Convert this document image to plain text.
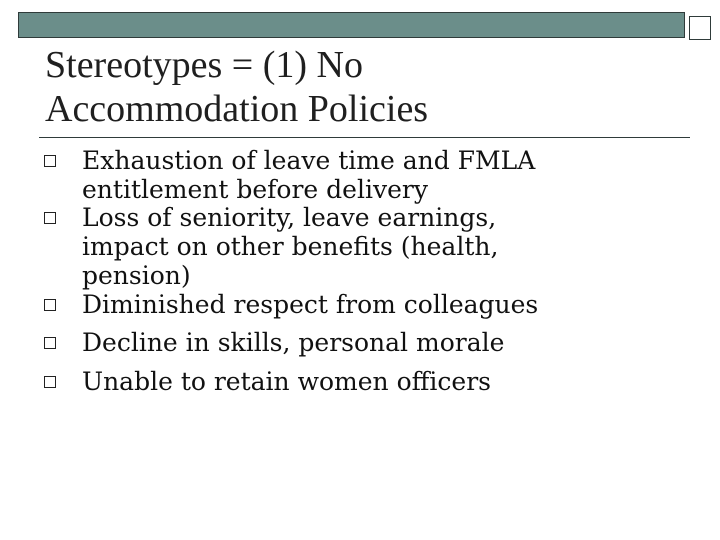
Stereotypes = (1) No
Accommodation Policies
Exhaustion of leave time and FMLA
entitlement before delivery
Loss of seniority, leave earnings,
impact on other benefits (health,
pension)
Diminished respect from colleagues
Decline in skills, personal morale
Unable to retain women officers
